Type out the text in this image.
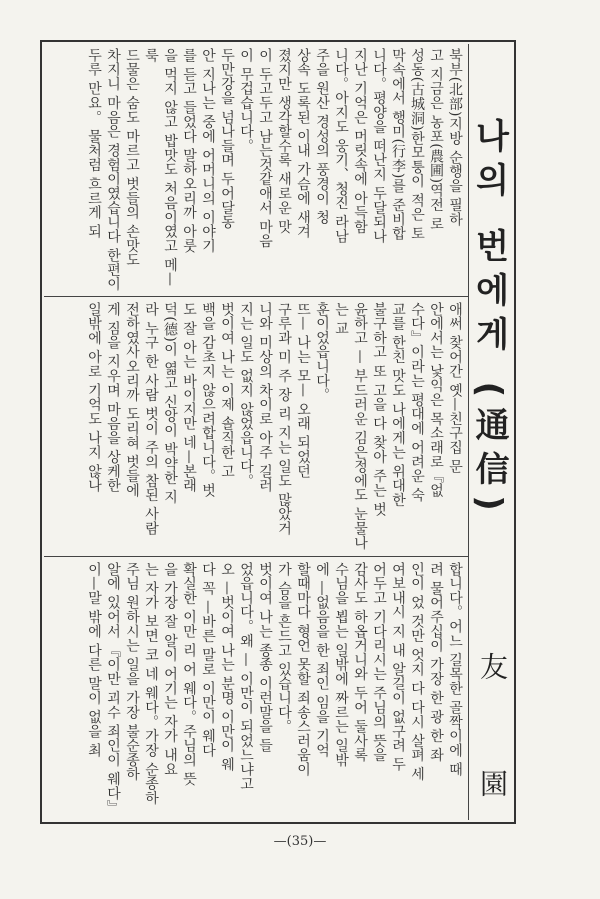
나의 번에게 (通信)
友 園

북부(北部)지방 순행을 필하

고 지금은 농포(農圃)역전 로

성동(古城洞)한모퉁이 적은 토

막속에서 행미(行李)를 준비합

니다。평양을 떠난지 두달되나

지난 기억은 머릿속에 아득함

니다。아지도 웅기、청진 라남

주을 원산 경성의 풍경이 청

상속 도록된 이내 가슴에 새겨

졌지만 생각할수록 새로운 맛

이 두고두고 남는것같애서 마음

이 무겁습니다。

두만강을 넘나들며 두어달동

안 지나는 중에 어머니의 이야기

를 듣고 들었다 말하오리까 아룻

을 먹지 않고 밥맛도 처음이였고 메—룩

드물은 숨도 마르고 벗들의 손맛도

차지니 마음은 경험이였습니다 한편이

두루 만요。 물처럼 흐르게 되

애써 찾어간 옛—친구집 문

안에서는 낯익은 목소래로『없

수다』이라는 평대에 어려운 숙

교를 한친 맛도 나에게는 위대한

불구하고 또 고을 다 찾아 주는 벗

윤하고 — 부드러운 김은정에도 눈물나는 교

훈이었읍니다。

뜨— 나는 모— 오래 되었던

구루과 미 주 장 리 지는 일도 많았거

니와 미상의 차이로 아주 길러

지는 일도 없지 않었읍니다。

벗이여 나는 이제 솔직한 고

백을 감초지 않으려합니다。벗

도 잘 아는 바이지만 네—본래

덕(德)이 엷고 신앙이 박약한 지

라 누구 한 사람 벗이 주의 참된 사람

전하였사오리까 도리혀 벗들에

게 짐을 지우며 마음을 상케한

일밖에 아로 기억도 나지 않나

합니다。어느 길목한 골짝이에 때

려 물어주십이 가장 한 광 한 좌

인이 었 것만 엇지 다 다시 살펴 세

여보내시 지 내 알길이 없구려 두

어두고 기다리시는 주님의 뜻을

감사도 하옵거니와 두어 둘사록

수님을 뵙는 일밖에 짜르는 일밖

에 ―없음을 한 죄인 임을 기억

할때마다 형언 못할 죄송스러움이

가 슴을 흔드고 있습니다。

벗이여 나는 종종 이런말을 들

었읍니다。왜 — 이만이 되었느냐고

오 —벗이여 나는 분명 이만이 웨

다 꼭 —바른 말로 이만이 웨다

확실한 이만 리 어 웨다。주님의 뜻

을 가장 잘 알이 어기는 자가 내요

는 자가 보면 코 네 웨다。가장 순종하

주님 원하시는 일을 가장 불순종하

알에 있어서 『이만 괴수 죄인이 웨다』

이—말 밖에 다른 말이 없을 최

—(35)—
